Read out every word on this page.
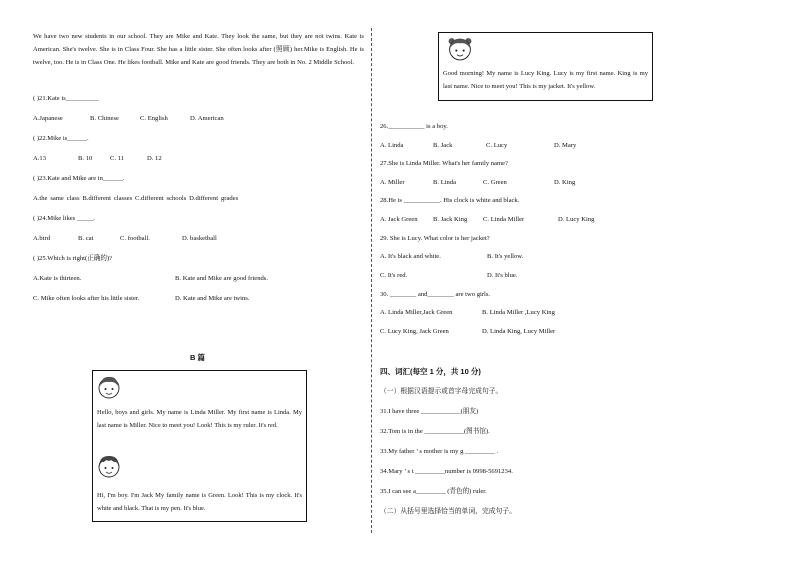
We have two new students in our school. They are Mike and Kate. They look the same, but they are not twins. Kate is American. She's twelve. She is in Class Four. She has a little sister. She often looks after (照顾) her.Mike is English. He is twelve, too. He is in Class One. He likes football. Mike and Kate are good friends. They are both in No. 2 Middle School.
( )21.Kate is__________
A.Japanese	B. Chinese	C. English	D. American
( )22.Mike is______.
A.13	B. 10	C. 11	D. 12
( )23.Kate and Mike are in______.
A.the same class B.different classes C.different schools D.different grades
( )24.Mike likes _____.
A.bird	B. cat	C. football.	D. basketball
( )25.Which is right(正确的)?
A.Kate is thirteen.	B. Kate and Mike are good friends.
C. Mike often looks after his little sister.	D. Kate and Mike are twins.
B 篇
Hello, boys and girls. My name is Linda Miller. My first name is Linda. My last name is Miller. Nice to meet you! Look! This is my ruler. It's red.
Hi, I'm boy. I'm Jack My family name is Green. Look! This is my clock. It's white and black. That is my pen. It's blue.
Good morning! My name is Lucy King. Lucy is my first name. King is my last name. Nice to meet you! This is my jacket. It's yellow.
26.___________ is a boy.
A. Linda	B. Jack	C. Lucy	D. Mary
27.She is Linda Miller. What's her family name?
A. Miller	B. Linda	C. Green	D. King
28.He is ___________. His clock is white and black.
A. Jack Green B. Jack King C. Linda Miller	D. Lucy King
29. She is Lucy. What color is her jacket?
A. It's black and white.	B. It's yellow.
C. It's red.	D. It's blue.
30. ________ and________ are two girls.
A. Linda Miller,Jack Green	B. Linda Miller ,Lucy King
C. Lucy King, Jack Green	D. Linda King, Lucy Miller
四、词汇(每空 1 分，共 10 分)
（一）根据汉语提示或首字母完成句子。
31.I have three ____________(朋友)
32.Tom is in the ____________(图书馆).
33.My father ’ s mother is my g _________ .
34.Mary ’ s t _________number is 0998-5691234.
35.I can see a_________ (青色的) ruler.
（二）从括号里选择恰当的单词，完成句子。
